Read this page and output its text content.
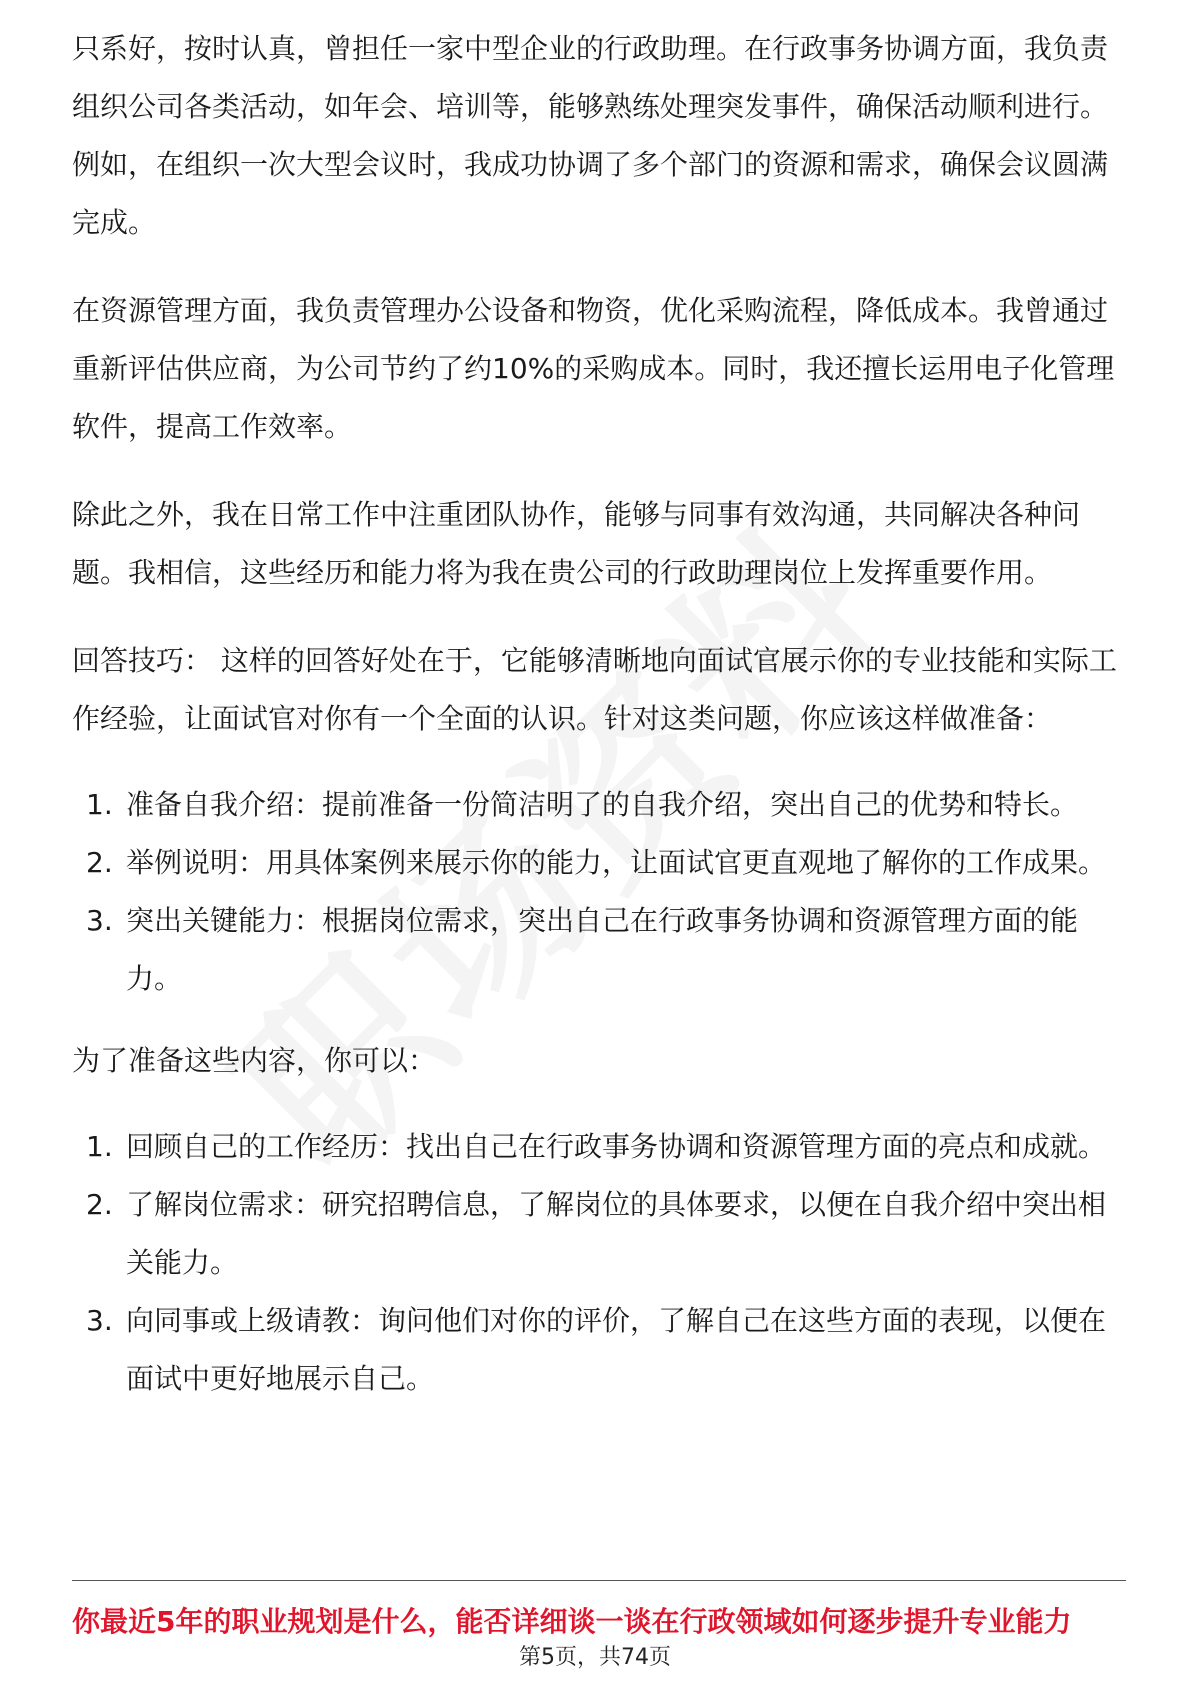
只系好，按时认真，曾担任一家中型企业的行政助理。在行政事务协调方面，我负责组织公司各类活动，如年会、培训等，能够熟练处理突发事件，确保活动顺利进行。例如，在组织一次大型会议时，我成功协调了多个部门的资源和需求，确保会议圆满完成。

在资源管理方面，我负责管理办公设备和物资，优化采购流程，降低成本。我曾通过重新评估供应商，为公司节约了约10%的采购成本。同时，我还擅长运用电子化管理软件，提高工作效率。

除此之外，我在日常工作中注重团队协作，能够与同事有效沟通，共同解决各种问题。我相信，这些经历和能力将为我在贵公司的行政助理岗位上发挥重要作用。

回答技巧： 这样的回答好处在于，它能够清晰地向面试官展示你的专业技能和实际工作经验，让面试官对你有一个全面的认识。针对这类问题，你应该这样做准备：

1. 准备自我介绍：提前准备一份简洁明了的自我介绍，突出自己的优势和特长。
2. 举例说明：用具体案例来展示你的能力，让面试官更直观地了解你的工作成果。
3. 突出关键能力：根据岗位需求，突出自己在行政事务协调和资源管理方面的能力。

为了准备这些内容，你可以：

1. 回顾自己的工作经历：找出自己在行政事务协调和资源管理方面的亮点和成就。
2. 了解岗位需求：研究招聘信息，了解岗位的具体要求，以便在自我介绍中突出相关能力。
3. 向同事或上级请教：询问他们对你的评价，了解自己在这些方面的表现，以便在面试中更好地展示自己。
你最近5年的职业规划是什么，能否详细谈一谈在行政领域如何逐步提升专业能力
第5页，共74页
